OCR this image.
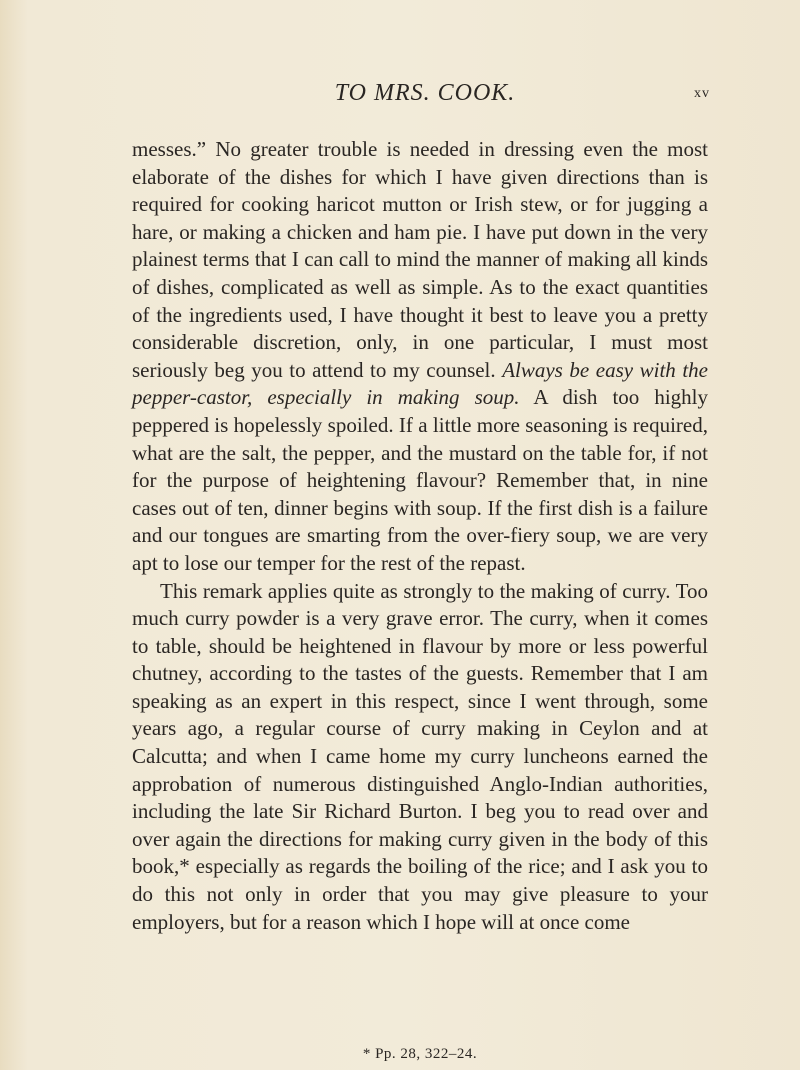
TO MRS. COOK.	xv

messes.” No greater trouble is needed in dressing even the most elaborate of the dishes for which I have given directions than is required for cooking haricot mutton or Irish stew, or for jugging a hare, or making a chicken and ham pie. I have put down in the very plainest terms that I can call to mind the manner of making all kinds of dishes, complicated as well as simple. As to the exact quantities of the ingredients used, I have thought it best to leave you a pretty considerable discretion, only, in one particular, I must most seriously beg you to attend to my counsel. Always be easy with the pepper-castor, especially in making soup. A dish too highly peppered is hopelessly spoiled. If a little more seasoning is required, what are the salt, the pepper, and the mustard on the table for, if not for the purpose of heightening flavour? Remember that, in nine cases out of ten, dinner begins with soup. If the first dish is a failure and our tongues are smarting from the over-fiery soup, we are very apt to lose our temper for the rest of the repast.

This remark applies quite as strongly to the making of curry. Too much curry powder is a very grave error. The curry, when it comes to table, should be heightened in flavour by more or less powerful chutney, according to the tastes of the guests. Remember that I am speaking as an expert in this respect, since I went through, some years ago, a regular course of curry making in Ceylon and at Calcutta; and when I came home my curry luncheons earned the approbation of numerous distinguished Anglo-Indian authorities, including the late Sir Richard Burton. I beg you to read over and over again the directions for making curry given in the body of this book,* especially as regards the boiling of the rice; and I ask you to do this not only in order that you may give pleasure to your employers, but for a reason which I hope will at once come

* Pp. 28, 322–24.
